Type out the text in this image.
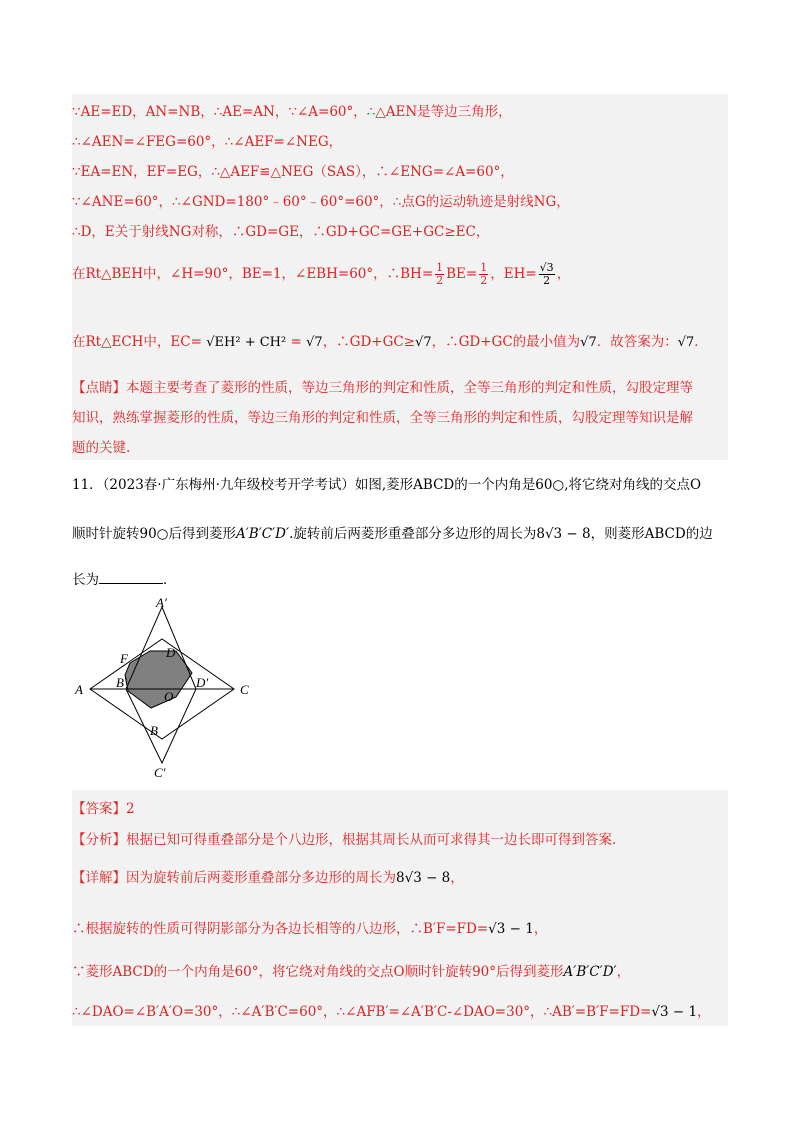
∵AE=ED，AN=NB，∴AE=AN，∵∠A=60°，∴△AEN是等边三角形，
∴∠AEN=∠FEG=60°，∴∠AEF=∠NEG，
∵EA=EN，EF=EG，∴△AEF≌△NEG（SAS），∴∠ENG=∠A=60°，
∵∠ANE=60°，∴∠GND=180°﹣60°﹣60°=60°，∴点G的运动轨迹是射线NG，
∴D，E关于射线NG对称，∴GD=GE，∴GD+GC=GE+GC≥EC，
在Rt△BEH中，∠H=90°，BE=1，∠EBH=60°，∴BH= $\frac{1}{2} BE= \frac{1}{2}$ ，$EH= \frac{√3}{2}$ ，
在Rt△ECH中，EC= √EH² + CH² = √7，∴GD+GC≥√7，∴GD+GC的最小值为√7．故答案为：√7．
【点睛】本题主要考查了菱形的性质，等边三角形的判定和性质，全等三角形的判定和性质，勾股定理等
知识，熟练掌握菱形的性质，等边三角形的判定和性质，全等三角形的判定和性质，勾股定理等知识是解
题的关键.
11．（2023春·广东梅州·九年级校考开学考试）如图,菱形ABCD的一个内角是60○,将它绕对角线的交点O
顺时针旋转90○后得到菱形A′B′C′D′.旋转前后两菱形重叠部分多边形的周长为8√3 − 8，则菱形ABCD的边
长为	．
A′
F	D
A	B′
O
D′ C
B
C′
【答案】2
【分析】根据已知可得重叠部分是个八边形，根据其周长从而可求得其一边长即可得到答案.
【详解】因为旋转前后两菱形重叠部分多边形的周长为8√3 − 8，
∴根据旋转的性质可得阴影部分为各边长相等的八边形，∴B′F=FD=√3 − 1，
∵菱形ABCD的一个内角是60°，将它绕对角线的交点O顺时针旋转90°后得到菱形A′B′C′D′，
∴∠DAO=∠B′A′O=30°，∴∠A′B′C=60°，∴∠AFB′=∠A′B′C-∠DAO=30°，∴AB′=B′F=FD=√3 − 1，
